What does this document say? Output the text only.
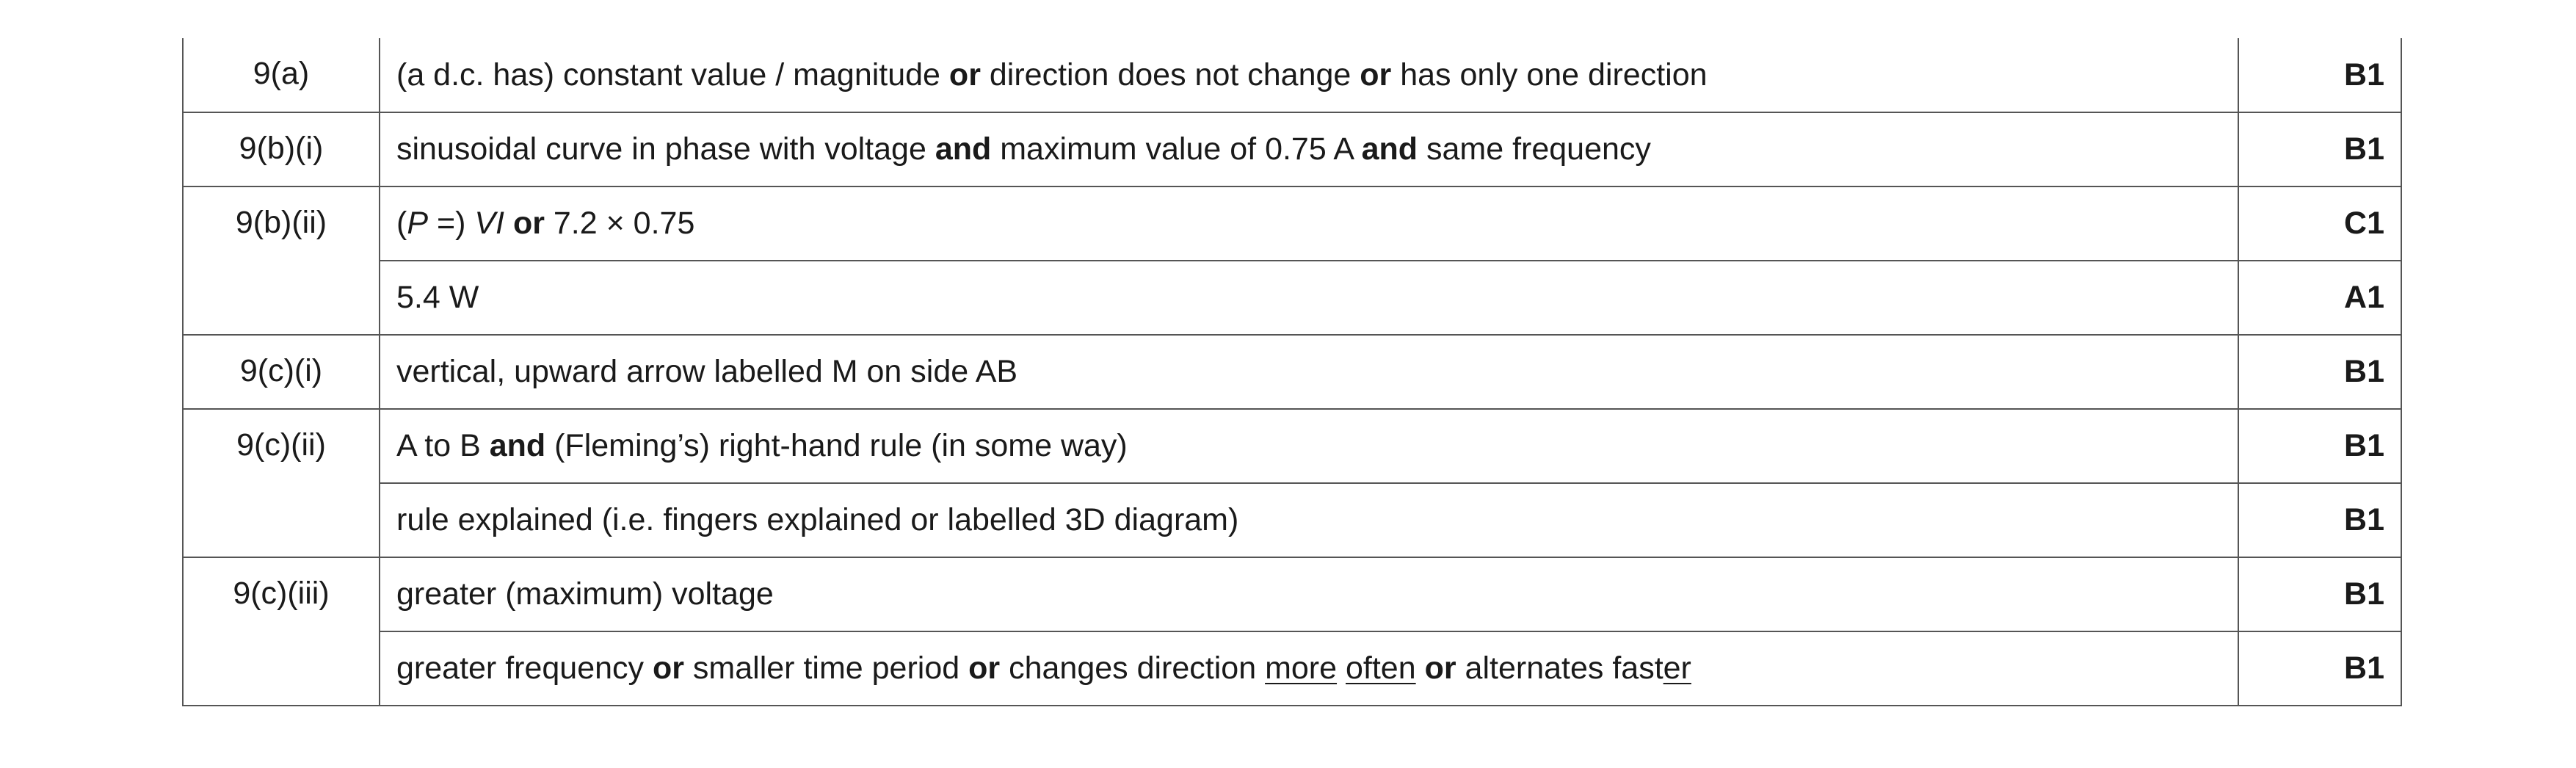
9(a)	(a d.c. has) constant value / magnitude or direction does not change or has only one direction	B1
9(b)(i)	sinusoidal curve in phase with voltage and maximum value of 0.75 A and same frequency	B1
9(b)(ii)	(P =) VI or 7.2 × 0.75	C1
	5.4 W	A1
9(c)(i)	vertical, upward arrow labelled M on side AB	B1
9(c)(ii)	A to B and (Fleming’s) right-hand rule (in some way)	B1
	rule explained (i.e. fingers explained or labelled 3D diagram)	B1
9(c)(iii)	greater (maximum) voltage	B1
	greater frequency or smaller time period or changes direction more often or alternates faster	B1
